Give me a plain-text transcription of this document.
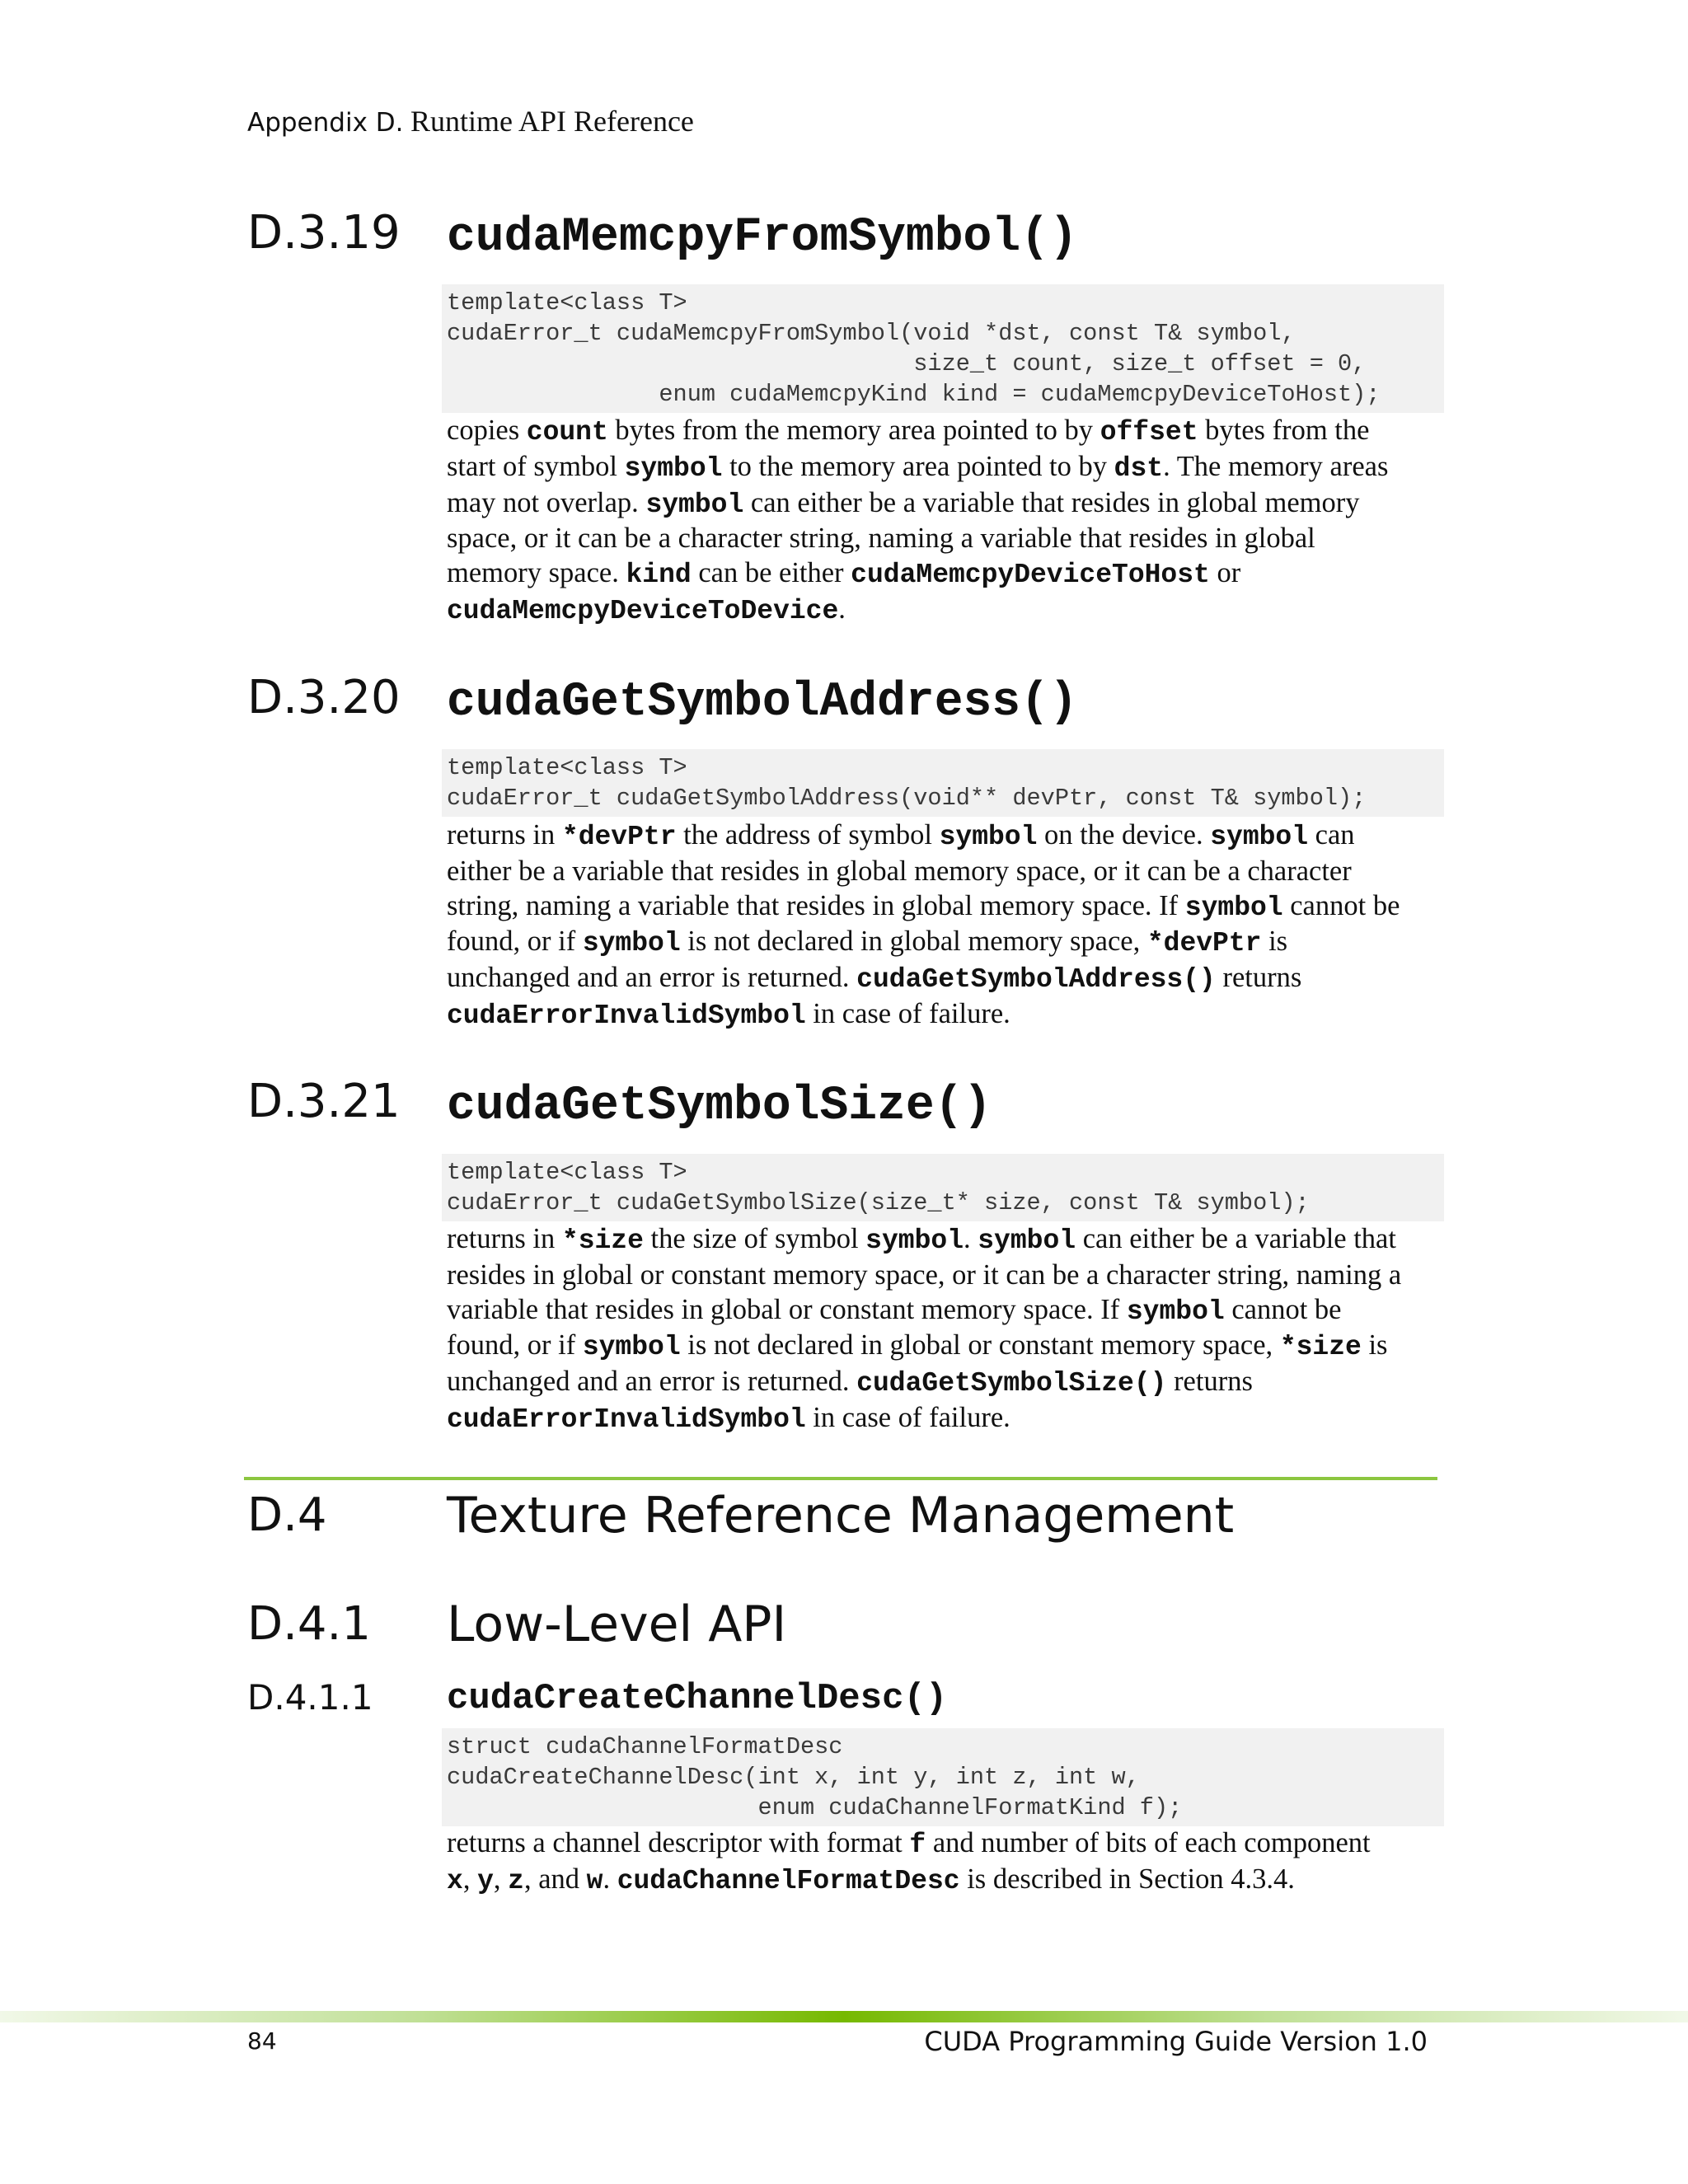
Appendix D. Runtime API Reference
D.3.19 cudaMemcpyFromSymbol()
template<class T>
cudaError_t cudaMemcpyFromSymbol(void *dst, const T& symbol,
size_t count, size_t offset = 0,
enum cudaMemcpyKind kind = cudaMemcpyDeviceToHost);
copies count bytes from the memory area pointed to by offset bytes from the
start of symbol symbol to the memory area pointed to by dst. The memory areas
may not overlap. symbol can either be a variable that resides in global memory
space, or it can be a character string, naming a variable that resides in global
memory space. kind can be either cudaMemcpyDeviceToHost or
cudaMemcpyDeviceToDevice.
D.3.20 cudaGetSymbolAddress()
template<class T>
cudaError_t cudaGetSymbolAddress(void** devPtr, const T& symbol);
returns in *devPtr the address of symbol symbol on the device. symbol can
either be a variable that resides in global memory space, or it can be a character
string, naming a variable that resides in global memory space. If symbol cannot be
found, or if symbol is not declared in global memory space, *devPtr is
unchanged and an error is returned. cudaGetSymbolAddress() returns
cudaErrorInvalidSymbol in case of failure.
D.3.21 cudaGetSymbolSize()
template<class T>
cudaError_t cudaGetSymbolSize(size_t* size, const T& symbol);
returns in *size the size of symbol symbol. symbol can either be a variable that
resides in global or constant memory space, or it can be a character string, naming a
variable that resides in global or constant memory space. If symbol cannot be
found, or if symbol is not declared in global or constant memory space, *size is
unchanged and an error is returned. cudaGetSymbolSize() returns
cudaErrorInvalidSymbol in case of failure.
D.4 Texture Reference Management
D.4.1 Low-Level API
D.4.1.1 cudaCreateChannelDesc()
struct cudaChannelFormatDesc
cudaCreateChannelDesc(int x, int y, int z, int w,
enum cudaChannelFormatKind f);
returns a channel descriptor with format f and number of bits of each component
x, y, z, and w. cudaChannelFormatDesc is described in Section 4.3.4.
84	CUDA Programming Guide Version 1.0
